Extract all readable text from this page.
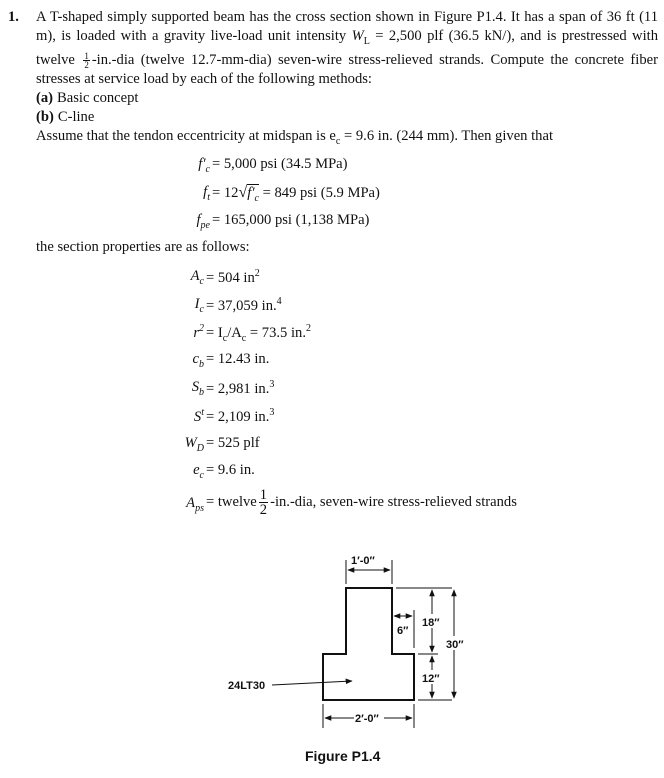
1. A T-shaped simply supported beam has the cross section shown in Figure P1.4. It has a span of 36 ft (11 m), is loaded with a gravity live-load unit intensity $W_L = 2,500$ plf (36.5 kN/), and is prestressed with twelve $\frac{1}{2} -in.-dia$ (twelve 12.7-mm-dia) seven-wire stress-relieved strands. Compute the concrete fiber stresses at service load by each of the following methods:
(a) Basic concept
(b) C-line
Assume that the tendon eccentricity at midspan is $e_c = 9.6$ in. (244 mm). Then given that
$f'_c = 5,000$ psi (34.5 MPa)
$f_t = 12√f'_c = 849$ psi (5.9 MPa)
$f_{pe} = 165,000$ psi (1,138 MPa)
the section properties are as follows:
$A_c = 504$ $in^2$
$I_c = 37,059$ in.$^4$
$r^2 = I_c/A_c = 73.5$ in.$^2$
$c_b = 12.43$ in.
$S_b = 2,981$ in.$^3$
$S^t = 2,109$ in.$^3$
$W_D = 525$ plf
$e_c = 9.6$ in.
$A_{ps}$ = twelve $\frac{1}{2} -in.-dia$, seven-wire stress-relieved strands
1′-0″
2′-0″
6″
18″
12″
30″
24LT30
Figure P1.4
